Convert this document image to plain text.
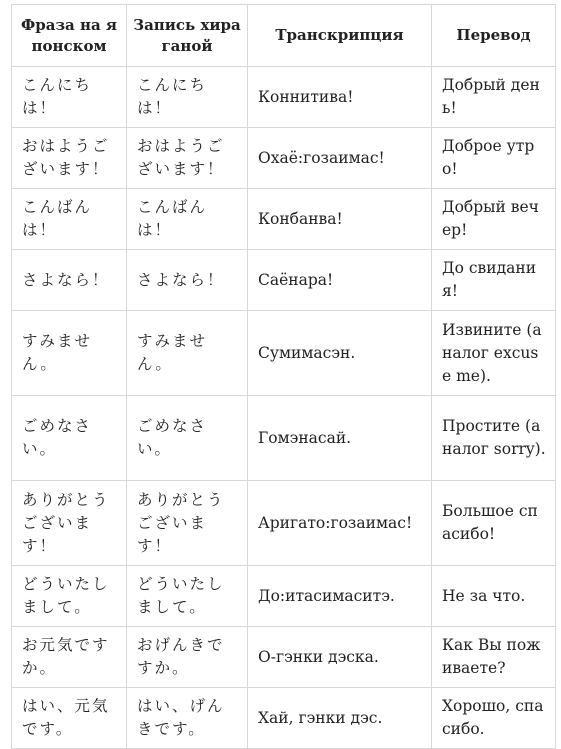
Фраза на японском	Запись хираганой	Транскрипция	Перевод
こんにちは！	こんにちは！	Коннитива!	Добрый день!
おはようございます！	おはようございます！	Охаё:гозаимас!	Доброе утро!
こんばんは！	こんばんは！	Конбанва!	Добрый вечер!
さよなら！	さよなら！	Саёнара!	До свидания!
すみません。	すみません。	Сумимасэн.	Извините (аналог excuse me).
ごめなさい。	ごめなさい。	Гомэнасай.	Простите (аналог sorry).
ありがとうございます！	ありがとうございます！	Аригато:гозаимас!	Большое спасибо!
どういたしまして。	どういたしまして。	До:итасимаситэ.	Не за что.
お元気ですか。	おげんきですか。	О-гэнки дэска.	Как Вы поживаете?
はい、元気です。	はい、げんきです。	Хай, гэнки дэс.	Хорошо, спасибо.
